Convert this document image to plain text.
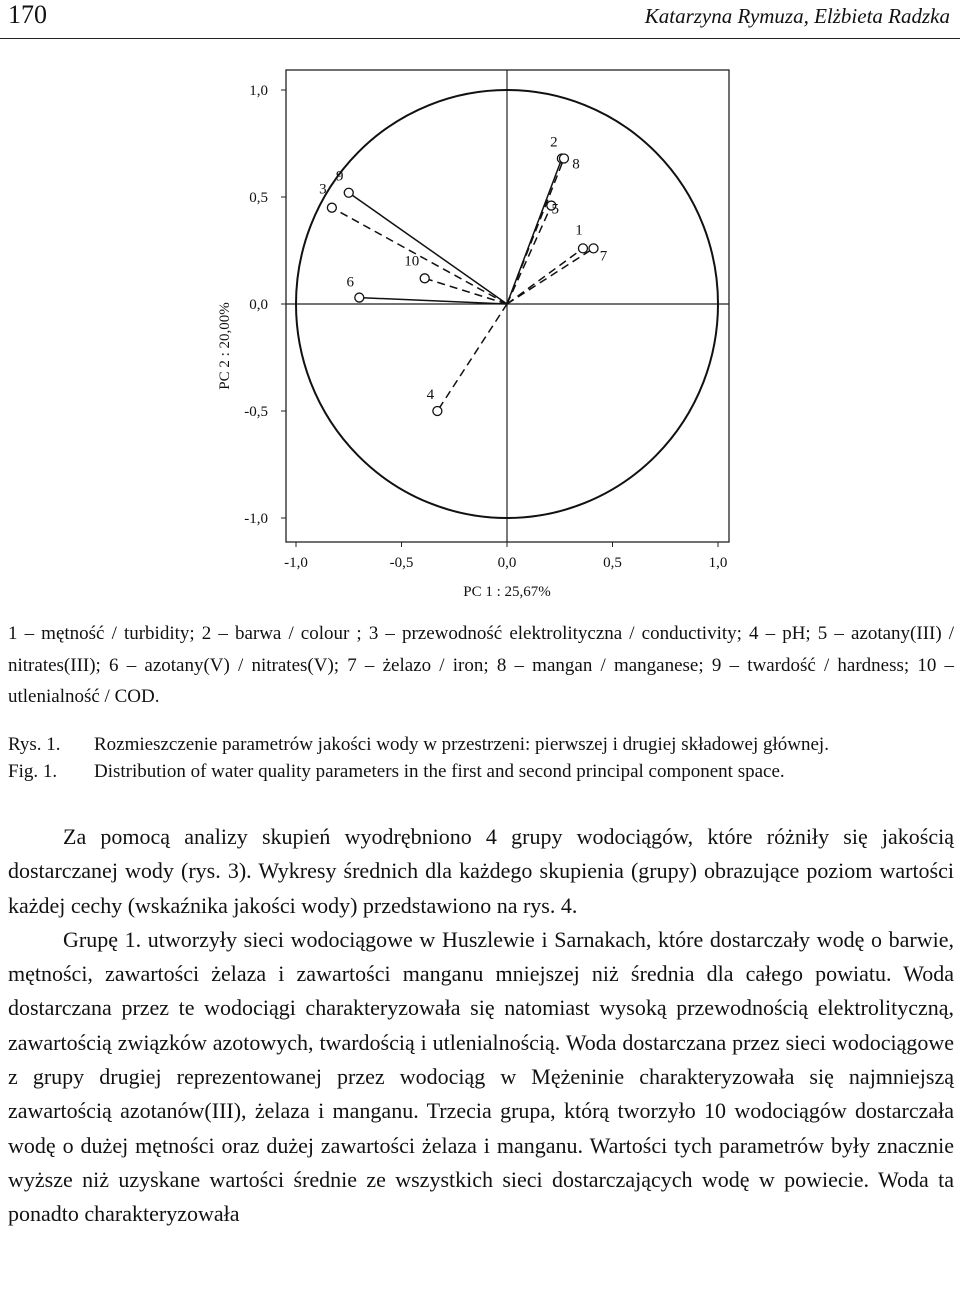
170	Katarzyna Rymuza, Elżbieta Radzka
-1,0	-0,5	0,0	0,5	1,0
1,0
0,5
0,0
-0,5
-1,0
1
2
3
4
5
6
7
8
9
10
PC 1 : 25,67%
PC 2 : 20,00%
1 – mętność / turbidity; 2 – barwa / colour ; 3 – przewodność elektrolityczna / conductivity; 4 – pH; 5 – azotany(III) / nitrates(III); 6 – azotany(V) / nitrates(V); 7 – żelazo / iron; 8 – mangan / manganese; 9 – twardość / hardness; 10 – utlenialność / COD.
Rys. 1. Rozmieszczenie parametrów jakości wody w przestrzeni: pierwszej i drugiej składowej głównej.
Fig. 1. Distribution of water quality parameters in the first and second principal component space.

Za pomocą analizy skupień wyodrębniono 4 grupy wodociągów, które różniły się jakością dostarczanej wody (rys. 3). Wykresy średnich dla każdego skupienia (grupy) obrazujące poziom wartości każdej cechy (wskaźnika jakości wody) przedstawiono na rys. 4.

Grupę 1. utworzyły sieci wodociągowe w Huszlewie i Sarnakach, które dostarczały wodę o barwie, mętności, zawartości żelaza i zawartości manganu mniejszej niż średnia dla całego powiatu. Woda dostarczana przez te wodociągi charakteryzowała się natomiast wysoką przewodnością elektrolityczną, zawartością związków azotowych, twardością i utlenialnością. Woda dostarczana przez sieci wodociągowe z grupy drugiej reprezentowanej przez wodociąg w Mężeninie charakteryzowała się najmniejszą zawartością azotanów(III), żelaza i manganu. Trzecia grupa, którą tworzyło 10 wodociągów dostarczała wodę o dużej mętności oraz dużej zawartości żelaza i manganu. Wartości tych parametrów były znacznie wyższe niż uzyskane wartości średnie ze wszystkich sieci dostarczających wodę w powiecie. Woda ta ponadto charakteryzowała
